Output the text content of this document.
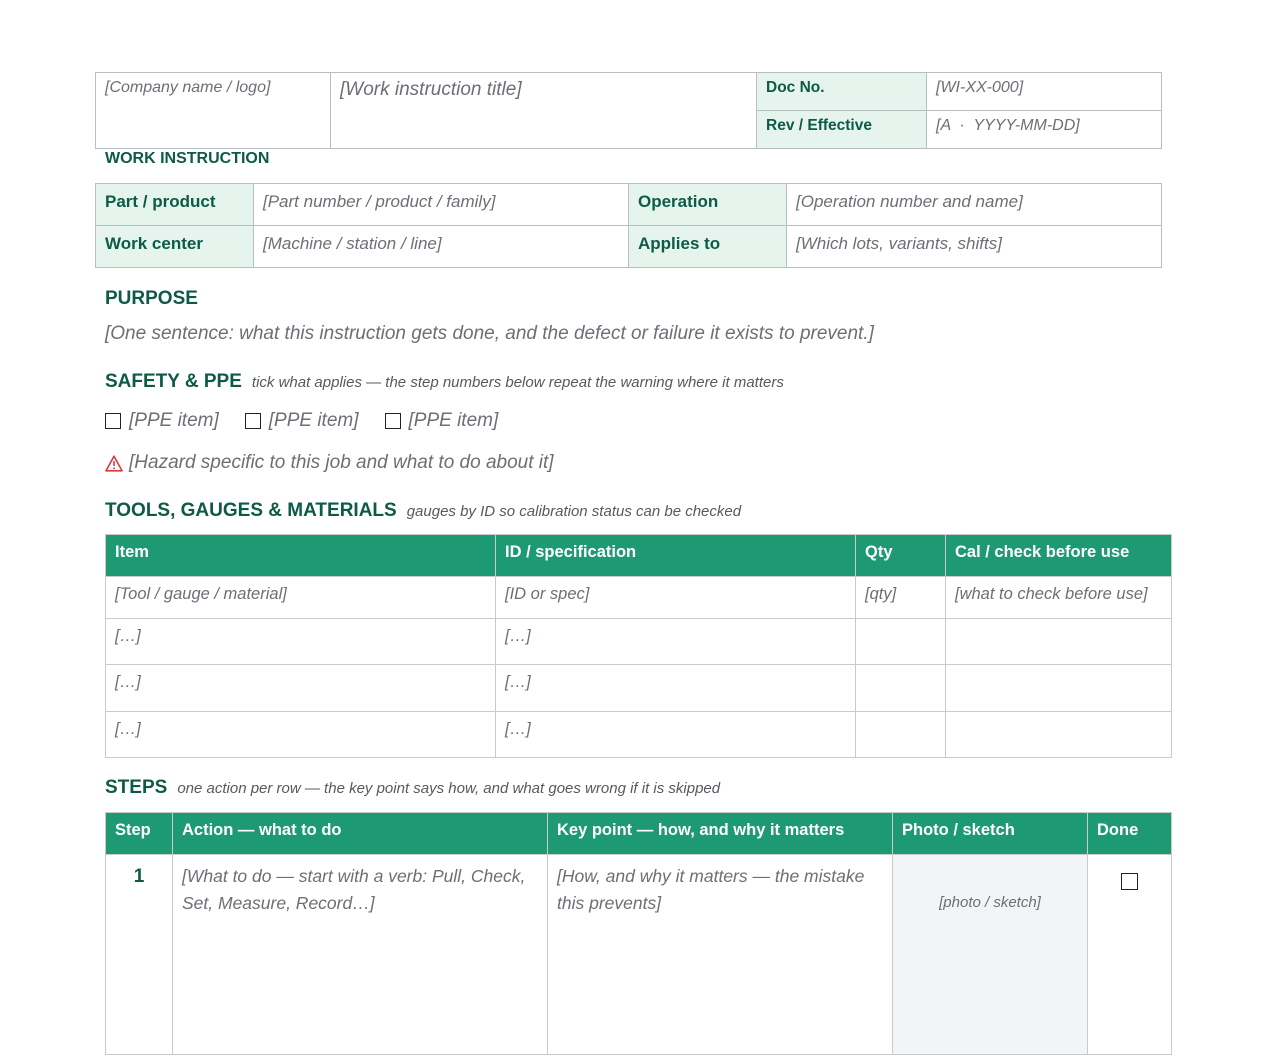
[Company name / logo]	[Work instruction title]	Doc No.	[WI-XX-000]
		Rev / Effective	[A  ·  YYYY-MM-DD]
WORK INSTRUCTION
Part / product	[Part number / product / family]	Operation	[Operation number and name]
Work center	[Machine / station / line]	Applies to	[Which lots, variants, shifts]
PURPOSE
[One sentence: what this instruction gets done, and the defect or failure it exists to prevent.]
SAFETY & PPE tick what applies — the step numbers below repeat the warning where it matters
[PPE item]	[PPE item]	[PPE item]
[Hazard specific to this job and what to do about it]
TOOLS, GAUGES & MATERIALS gauges by ID so calibration status can be checked
Item	ID / specification	Qty	Cal / check before use
[Tool / gauge / material]	[ID or spec]	[qty]	[what to check before use]
[…]	[…]		
[…]	[…]		
[…]	[…]		
STEPS one action per row — the key point says how, and what goes wrong if it is skipped
Step	Action — what to do	Key point — how, and why it matters	Photo / sketch	Done
1	[What to do — start with a verb: Pull, Check, Set, Measure, Record…]	[How, and why it matters — the mistake this prevents]	[photo / sketch]	
